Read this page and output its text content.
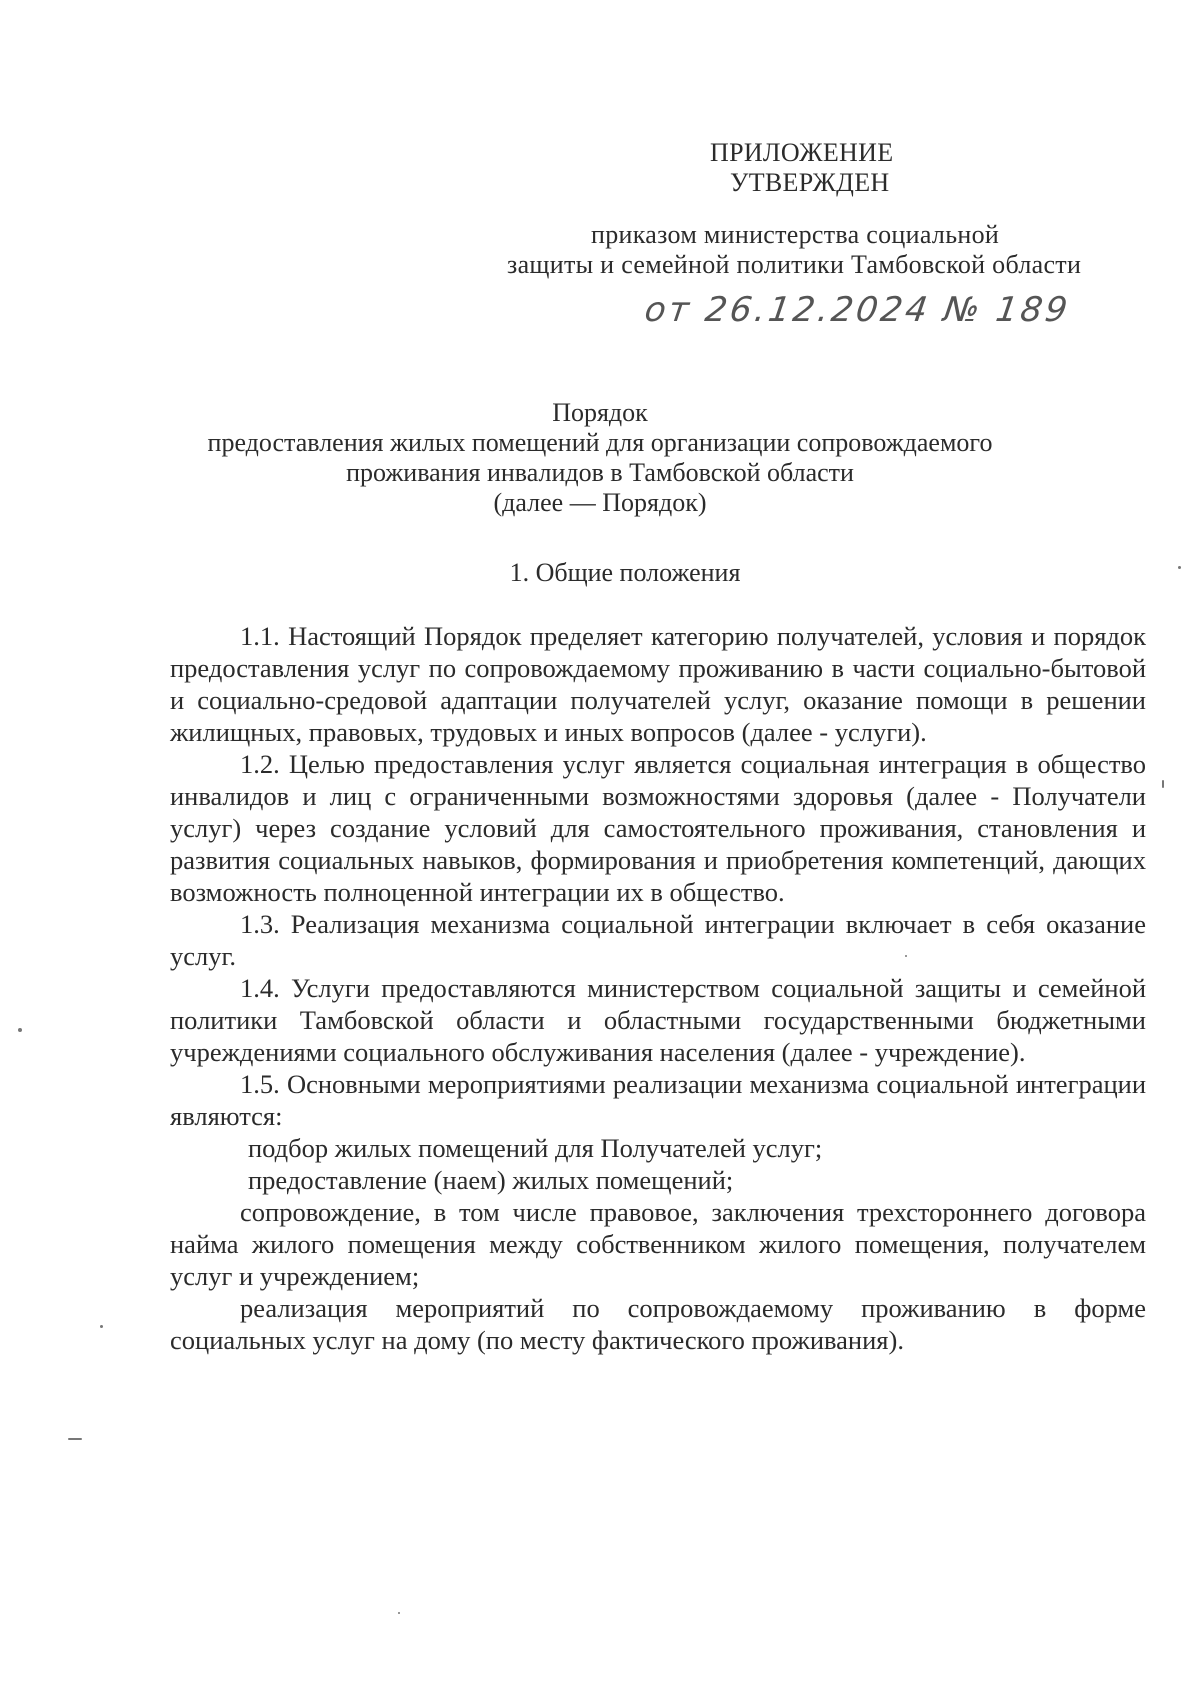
ПРИЛОЖЕНИЕ
УТВЕРЖДЕН
приказом министерства социальной
защиты и семейной политики Тамбовской области
от 26.12.2024 № 189
Порядок
предоставления жилых помещений для организации сопровождаемого
проживания инвалидов в Тамбовской области
(далее — Порядок)
1. Общие положения

1.1. Настоящий Порядок пределяет категорию получателей, условия и порядок предоставления услуг по сопровождаемому проживанию в части социально-бытовой и социально-средовой адаптации получателей услуг, оказание помощи в решении жилищных, правовых, трудовых и иных вопросов (далее - услуги).

1.2. Целью предоставления услуг является социальная интеграция в общество инвалидов и лиц с ограниченными возможностями здоровья (далее - Получатели услуг) через создание условий для самостоятельного проживания, становления и развития социальных навыков, формирования и приобретения компетенций, дающих возможность полноценной интеграции их в общество.

1.3. Реализация механизма социальной интеграции включает в себя оказание услуг.

1.4. Услуги предоставляются министерством социальной защиты и семейной политики Тамбовской области и областными государственными бюджетными учреждениями социального обслуживания населения (далее - учреждение).

1.5. Основными мероприятиями реализации механизма социальной интеграции являются:

подбор жилых помещений для Получателей услуг;

предоставление (наем) жилых помещений;

сопровождение, в том числе правовое, заключения трехстороннего договора найма жилого помещения между собственником жилого помещения, получателем услуг и учреждением;

реализация мероприятий по сопровождаемому проживанию в форме социальных услуг на дому (по месту фактического проживания).
